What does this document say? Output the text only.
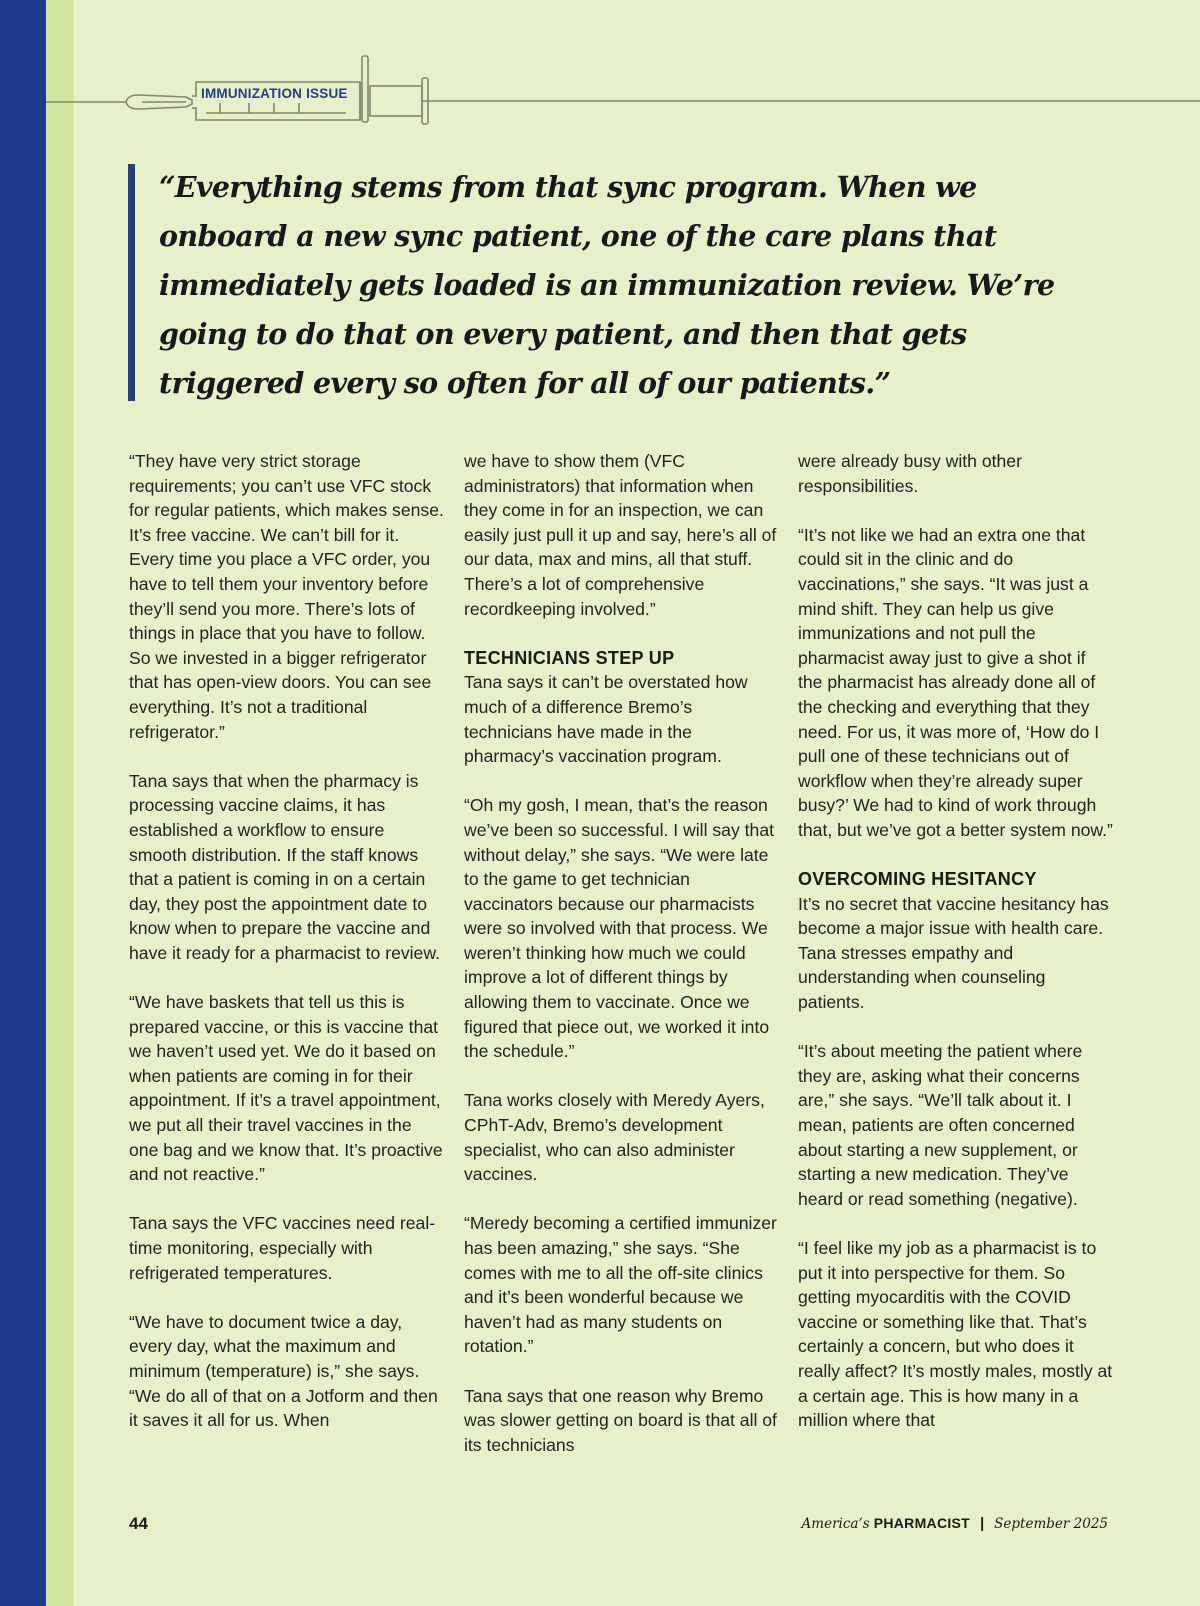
IMMUNIZATION ISSUE

“Everything stems from that sync program. When we onboard a new sync patient, one of the care plans that immediately gets loaded is an immunization review. We’re going to do that on every patient, and then that gets triggered every so often for all of our patients.”

“They have very strict storage requirements; you can’t use VFC stock for regular patients, which makes sense. It’s free vaccine. We can’t bill for it. Every time you place a VFC order, you have to tell them your inventory before they’ll send you more. There’s lots of things in place that you have to follow. So we invested in a bigger refrigerator that has open-view doors. You can see everything. It’s not a traditional refrigerator.”

Tana says that when the pharmacy is processing vaccine claims, it has established a workflow to ensure smooth distribution. If the staff knows that a patient is coming in on a certain day, they post the appointment date to know when to prepare the vaccine and have it ready for a pharmacist to review.

“We have baskets that tell us this is prepared vaccine, or this is vaccine that we haven’t used yet. We do it based on when patients are coming in for their appointment. If it’s a travel appointment, we put all their travel vaccines in the one bag and we know that. It’s proactive and not reactive.”

Tana says the VFC vaccines need real-time monitoring, especially with refrigerated temperatures.

“We have to document twice a day, every day, what the maximum and minimum (temperature) is,” she says. “We do all of that on a Jotform and then it saves it all for us. When

we have to show them (VFC administrators) that information when they come in for an inspection, we can easily just pull it up and say, here’s all of our data, max and mins, all that stuff. There’s a lot of comprehensive recordkeeping involved.”

TECHNICIANS STEP UP

Tana says it can’t be overstated how much of a difference Bremo’s technicians have made in the pharmacy’s vaccination program.

“Oh my gosh, I mean, that’s the reason we’ve been so successful. I will say that without delay,” she says. “We were late to the game to get technician vaccinators because our pharmacists were so involved with that process. We weren’t thinking how much we could improve a lot of different things by allowing them to vaccinate. Once we figured that piece out, we worked it into the schedule.”

Tana works closely with Meredy Ayers, CPhT-Adv, Bremo’s development specialist, who can also administer vaccines.

“Meredy becoming a certified immunizer has been amazing,” she says. “She comes with me to all the off-site clinics and it’s been wonderful because we haven’t had as many students on rotation.”

Tana says that one reason why Bremo was slower getting on board is that all of its technicians

were already busy with other responsibilities.

“It’s not like we had an extra one that could sit in the clinic and do vaccinations,” she says. “It was just a mind shift. They can help us give immunizations and not pull the pharmacist away just to give a shot if the pharmacist has already done all of the checking and everything that they need. For us, it was more of, ‘How do I pull one of these technicians out of workflow when they’re already super busy?’ We had to kind of work through that, but we’ve got a better system now.”

OVERCOMING HESITANCY

It’s no secret that vaccine hesitancy has become a major issue with health care. Tana stresses empathy and understanding when counseling patients.

“It’s about meeting the patient where they are, asking what their concerns are,” she says. “We’ll talk about it. I mean, patients are often concerned about starting a new supplement, or starting a new medication. They’ve heard or read something (negative).

“I feel like my job as a pharmacist is to put it into perspective for them. So getting myocarditis with the COVID vaccine or something like that. That’s certainly a concern, but who does it really affect? It’s mostly males, mostly at a certain age. This is how many in a million where that

44	America’s PHARMACIST | September 2025
